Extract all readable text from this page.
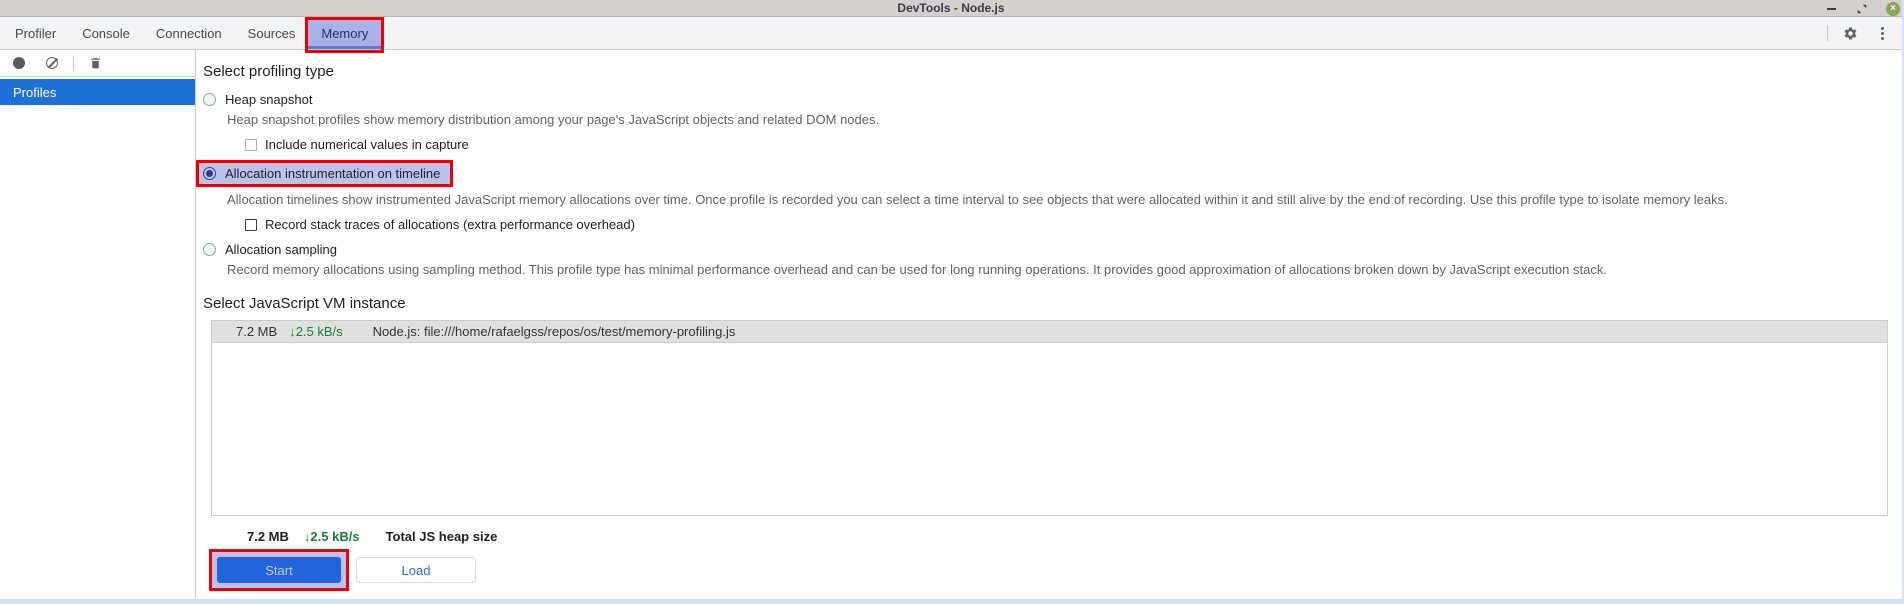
DevTools - Node.js	×
Profiler	Console	Connection	Sources	Memory
Profiles
Select profiling type
Heap snapshot
Heap snapshot profiles show memory distribution among your page's JavaScript objects and related DOM nodes.
Include numerical values in capture
Allocation instrumentation on timeline
Allocation timelines show instrumented JavaScript memory allocations over time. Once profile is recorded you can select a time interval to see objects that were allocated within it and still alive by the end of recording. Use this profile type to isolate memory leaks.
Record stack traces of allocations (extra performance overhead)
Allocation sampling
Record memory allocations using sampling method. This profile type has minimal performance overhead and can be used for long running operations. It provides good approximation of allocations broken down by JavaScript execution stack.
Select JavaScript VM instance
7.2 MB ↓2.5 kB/s Node.js: file:///home/rafaelgss/repos/os/test/memory-profiling.js
7.2 MB ↓2.5 kB/s Total JS heap size
Start	Load
